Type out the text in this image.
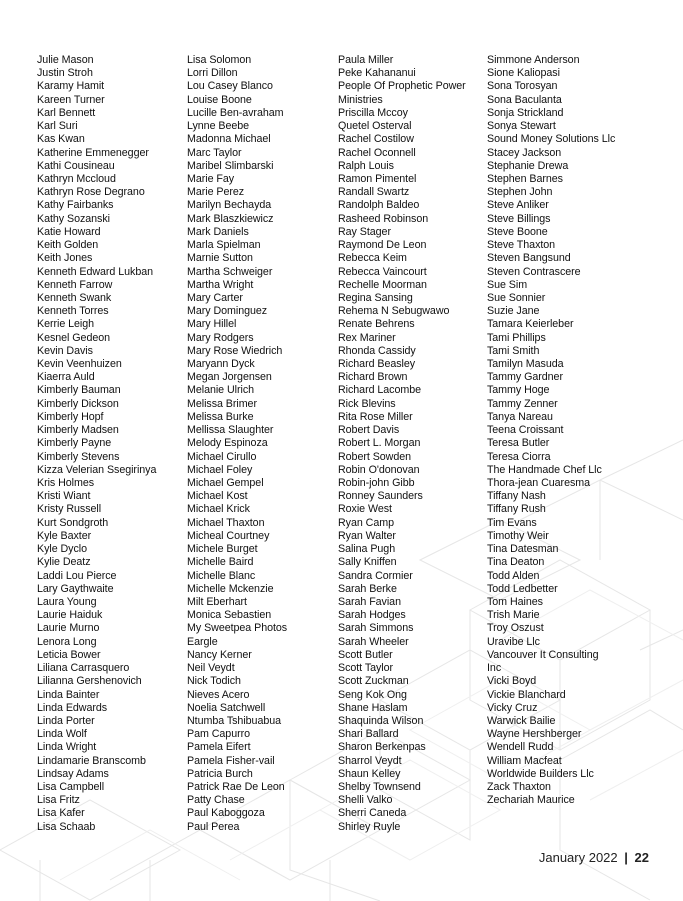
Julie Mason
Justin Stroh
Karamy Hamit
Kareen Turner
Karl Bennett
Karl Suri
Kas Kwan
Katherine Emmenegger
Kathi Cousineau
Kathryn Mccloud
Kathryn Rose Degrano
Kathy Fairbanks
Kathy Sozanski
Katie Howard
Keith Golden
Keith Jones
Kenneth Edward Lukban
Kenneth Farrow
Kenneth Swank
Kenneth Torres
Kerrie Leigh
Kesnel Gedeon
Kevin Davis
Kevin Veenhuizen
Kiaerra Auld
Kimberly Bauman
Kimberly Dickson
Kimberly Hopf
Kimberly Madsen
Kimberly Payne
Kimberly Stevens
Kizza Velerian Ssegirinya
Kris Holmes
Kristi Wiant
Kristy Russell
Kurt Sondgroth
Kyle Baxter
Kyle Dyclo
Kylie Deatz
Laddi Lou Pierce
Lary Gaythwaite
Laura Young
Laurie Haiduk
Laurie Murno
Lenora Long
Leticia Bower
Liliana Carrasquero
Lilianna Gershenovich
Linda Bainter
Linda Edwards
Linda Porter
Linda Wolf
Linda Wright
Lindamarie Branscomb
Lindsay Adams
Lisa Campbell
Lisa Fritz
Lisa Kafer
Lisa Schaab
Lisa Solomon
Lorri Dillon
Lou Casey Blanco
Louise Boone
Lucille Ben-avraham
Lynne Beebe
Madonna Michael
Marc Taylor
Maribel Slimbarski
Marie Fay
Marie Perez
Marilyn Bechayda
Mark Blaszkiewicz
Mark Daniels
Marla Spielman
Marnie Sutton
Martha Schweiger
Martha Wright
Mary Carter
Mary Dominguez
Mary Hillel
Mary Rodgers
Mary Rose Wiedrich
Maryann Dyck
Megan Jorgensen
Melanie Ulrich
Melissa Brimer
Melissa Burke
Mellissa Slaughter
Melody Espinoza
Michael Cirullo
Michael Foley
Michael Gempel
Michael Kost
Michael Krick
Michael Thaxton
Micheal Courtney
Michele Burget
Michelle Baird
Michelle Blanc
Michelle Mckenzie
Milt Eberhart
Monica Sebastien
My Sweetpea Photos
Eargle
Nancy Kerner
Neil Veydt
Nick Todich
Nieves Acero
Noelia Satchwell
Ntumba Tshibuabua
Pam Capurro
Pamela Eifert
Pamela Fisher-vail
Patricia Burch
Patrick Rae De Leon
Patty Chase
Paul Kaboggoza
Paul Perea
Paula Miller
Peke Kahananui
People Of Prophetic Power
Ministries
Priscilla Mccoy
Quetel Osterval
Rachel Costilow
Rachel Oconnell
Ralph Louis
Ramon Pimentel
Randall Swartz
Randolph Baldeo
Rasheed Robinson
Ray Stager
Raymond De Leon
Rebecca Keim
Rebecca Vaincourt
Rechelle Moorman
Regina Sansing
Rehema N Sebugwawo
Renate Behrens
Rex Mariner
Rhonda Cassidy
Richard Beasley
Richard Brown
Richard Lacombe
Rick Blevins
Rita Rose Miller
Robert Davis
Robert L. Morgan
Robert Sowden
Robin O'donovan
Robin-john Gibb
Ronney Saunders
Roxie West
Ryan Camp
Ryan Walter
Salina Pugh
Sally Kniffen
Sandra Cormier
Sarah Berke
Sarah Favian
Sarah Hodges
Sarah Simmons
Sarah Wheeler
Scott Butler
Scott Taylor
Scott Zuckman
Seng Kok Ong
Shane Haslam
Shaquinda Wilson
Shari Ballard
Sharon Berkenpas
Sharrol Veydt
Shaun Kelley
Shelby Townsend
Shelli Valko
Sherri Caneda
Shirley Ruyle
Simmone Anderson
Sione Kaliopasi
Sona Torosyan
Sona Baculanta
Sonja Strickland
Sonya Stewart
Sound Money Solutions Llc
Stacey Jackson
Stephanie Drewa
Stephen Barnes
Stephen John
Steve Anliker
Steve Billings
Steve Boone
Steve Thaxton
Steven Bangsund
Steven Contrascere
Sue Sim
Sue Sonnier
Suzie Jane
Tamara Keierleber
Tami Phillips
Tami Smith
Tamilyn Masuda
Tammy Gardner
Tammy Hoge
Tammy Zenner
Tanya Nareau
Teena Croissant
Teresa Butler
Teresa Ciorra
The Handmade Chef Llc
Thora-jean Cuaresma
Tiffany Nash
Tiffany Rush
Tim Evans
Timothy Weir
Tina Datesman
Tina Deaton
Todd Alden
Todd Ledbetter
Tom Haines
Trish Marie
Troy Oszust
Uravibe Llc
Vancouver It Consulting
Inc
Vicki Boyd
Vickie Blanchard
Vicky Cruz
Warwick Bailie
Wayne Hershberger
Wendell Rudd
William Macfeat
Worldwide Builders Llc
Zack Thaxton
Zechariah Maurice
January 2022 | 22
